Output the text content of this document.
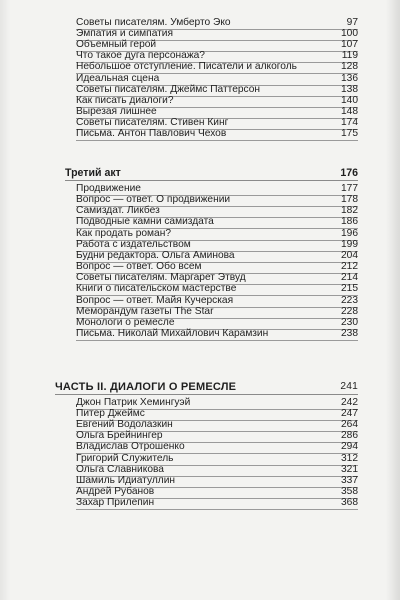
Советы писателям. Умберто Эко	97
Эмпатия и симпатия	100
Объемный герой	107
Что такое дуга персонажа?	119
Небольшое отступление. Писатели и алкоголь	128
Идеальная сцена	136
Советы писателям. Джеймс Паттерсон	138
Как писать диалоги?	140
Вырезая лишнее	148
Советы писателям. Стивен Кинг	174
Письма. Антон Павлович Чехов	175
Третий акт	176
Продвижение	177
Вопрос — ответ. О продвижении	178
Самиздат. Ликбез	182
Подводные камни самиздата	186
Как продать роман?	196
Работа с издательством	199
Будни редактора. Ольга Аминова	204
Вопрос — ответ. Обо всем	212
Советы писателям. Маргарет Этвуд	214
Книги о писательском мастерстве	215
Вопрос — ответ. Майя Кучерская	223
Меморандум газеты The Star	228
Монологи о ремесле	230
Письма. Николай Михайлович Карамзин	238
ЧАСТЬ II. ДИАЛОГИ О РЕМЕСЛЕ	241
Джон Патрик Хемингуэй	242
Питер Джеймс	247
Евгений Водолазкин	264
Ольга Брейнингер	286
Владислав Отрошенко	294
Григорий Служитель	312
Ольга Славникова	321
Шамиль Идиатуллин	337
Андрей Рубанов	358
Захар Прилепин	368
